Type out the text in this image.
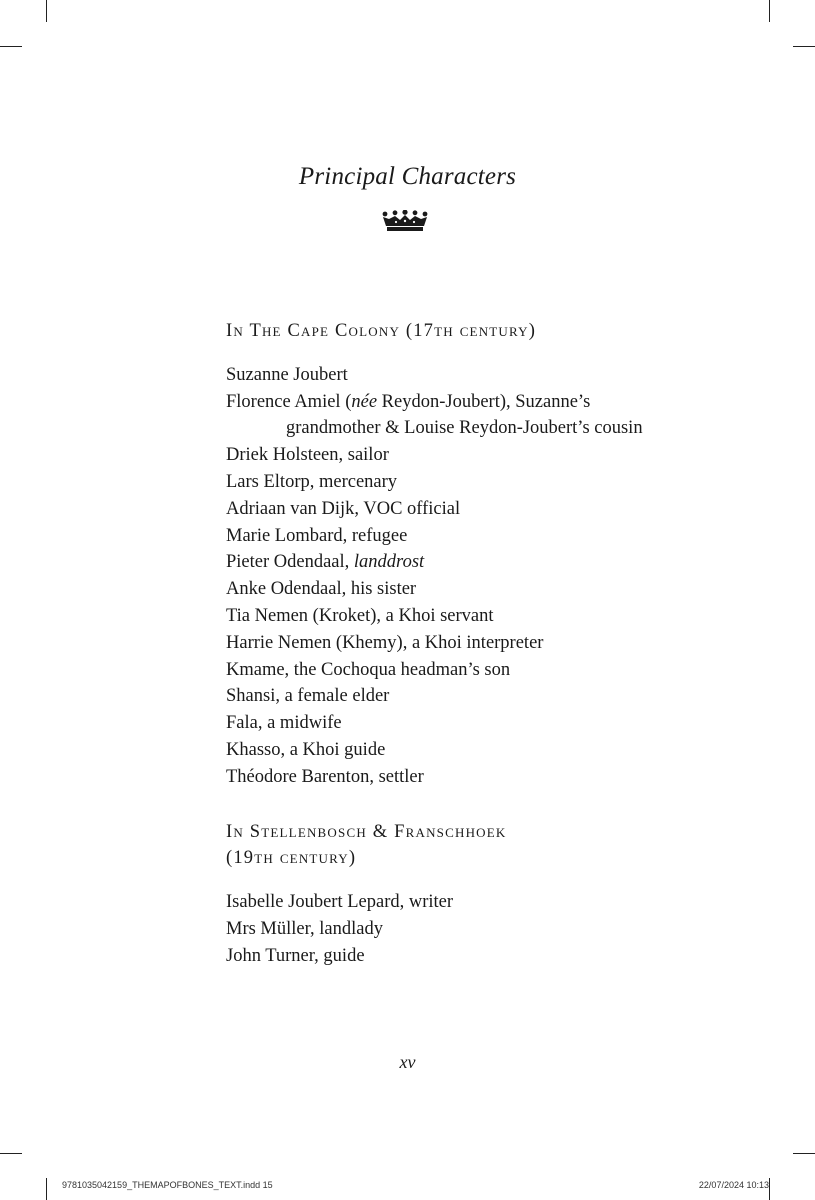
Principal Characters
In The Cape Colony (17th century)
Suzanne Joubert
Florence Amiel (née Reydon-Joubert), Suzanne’s grandmother & Louise Reydon-Joubert’s cousin
Driek Holsteen, sailor
Lars Eltorp, mercenary
Adriaan van Dijk, VOC official
Marie Lombard, refugee
Pieter Odendaal, landdrost
Anke Odendaal, his sister
Tia Nemen (Kroket), a Khoi servant
Harrie Nemen (Khemy), a Khoi interpreter
Kmame, the Cochoqua headman’s son
Shansi, a female elder
Fala, a midwife
Khasso, a Khoi guide
Théodore Barenton, settler
In Stellenbosch & Franschhoek
(19th century)
Isabelle Joubert Lepard, writer
Mrs Müller, landlady
John Turner, guide
xv
9781035042159_THEMAPOFBONES_TEXT.indd 15	22/07/2024 10:13
